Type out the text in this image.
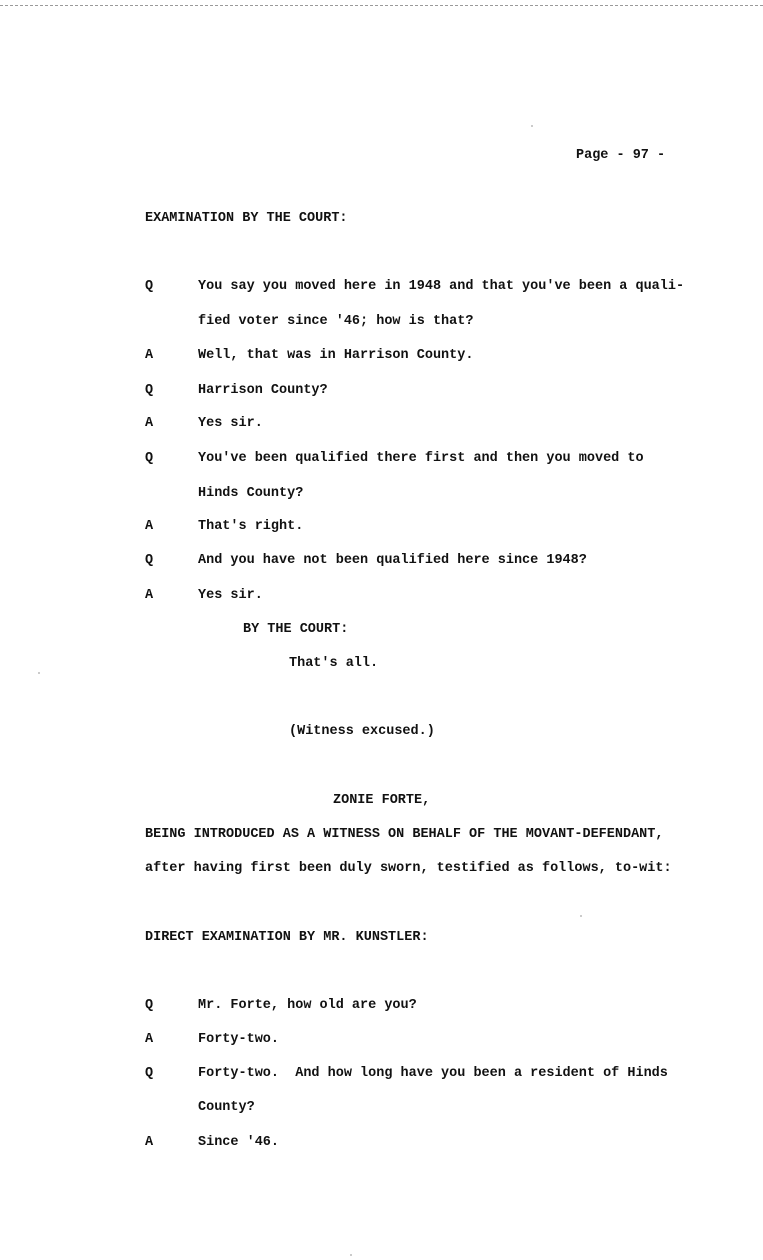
Page - 97 -
EXAMINATION BY THE COURT:
Q	You say you moved here in 1948 and that you've been a quali-
fied voter since '46; how is that?
A	Well, that was in Harrison County.
Q	Harrison County?
A	Yes sir.
Q	You've been qualified there first and then you moved to
Hinds County?
A	That's right.
Q	And you have not been qualified here since 1948?
A	Yes sir.
BY THE COURT:
That's all.
(Witness excused.)
ZONIE FORTE,
BEING INTRODUCED AS A WITNESS ON BEHALF OF THE MOVANT-DEFENDANT,
after having first been duly sworn, testified as follows, to-wit:
DIRECT EXAMINATION BY MR. KUNSTLER:
Q	Mr. Forte, how old are you?
A	Forty-two.
Q	Forty-two.  And how long have you been a resident of Hinds
County?
A	Since '46.
